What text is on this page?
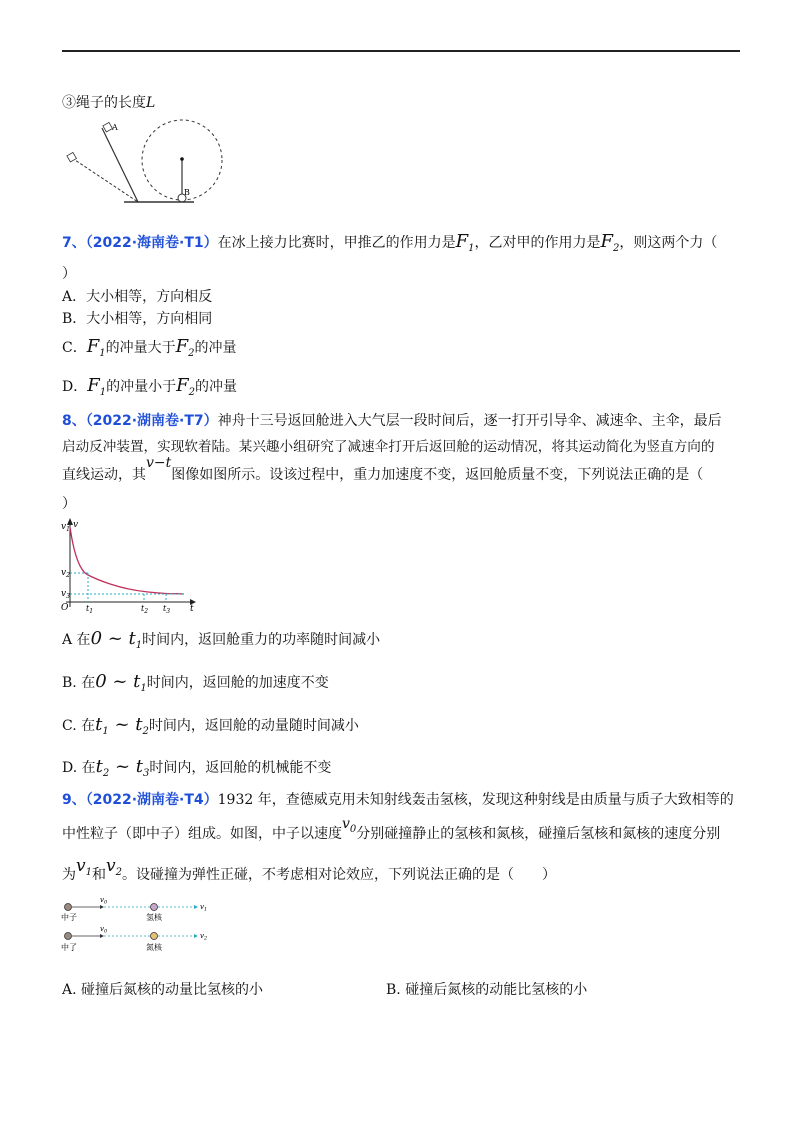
③绳子的长度L
B
A
7、（2022·海南卷·T1）在冰上接力比赛时，甲推乙的作用力是$F_1$，乙对甲的作用力是$F_2$，则这两个力（
）
A．大小相等，方向相反
B．大小相等，方向相同
C．$F_1$的冲量大于$F_2$的冲量
D．$F_1$的冲量小于$F_2$的冲量
8、（2022·湖南卷·T7）神舟十三号返回舱进入大气层一段时间后，逐一打开引导伞、减速伞、主伞，最后
启动反冲装置，实现软着陆。某兴趣小组研究了减速伞打开后返回舱的运动情况，将其运动简化为竖直方向的
直线运动，其v−t图像如图所示。设该过程中，重力加速度不变，返回舱质量不变，下列说法正确的是（
）
$v_1$ v
$v_2$
$v_3$
O $t_1$	$t_2$ $t_3$ t
A 在0 ~ $t_1$时间内，返回舱重力的功率随时间减小
B. 在0 ~ $t_1$时间内，返回舱的加速度不变
C. 在$t_1$ ~ $t_2$时间内，返回舱的动量随时间减小
D. 在$t_2$ ~ $t_3$时间内，返回舱的机械能不变
9、（2022·湖南卷·T4）1932 年，查德威克用未知射线轰击氢核，发现这种射线是由质量与质子大致相等的
中性粒子（即中子）组成。如图，中子以速度$v_0$分别碰撞静止的氢核和氮核，碰撞后氢核和氮核的速度分别
为$v_1$和$v_2$。设碰撞为弹性正碰，不考虑相对论效应，下列说法正确的是（　　）
$v_0$
$v_1$
中子	氢核
$v_0$
$v_2$
中了	氮核
A. 碰撞后氮核的动量比氢核的小	B. 碰撞后氮核的动能比氢核的小
